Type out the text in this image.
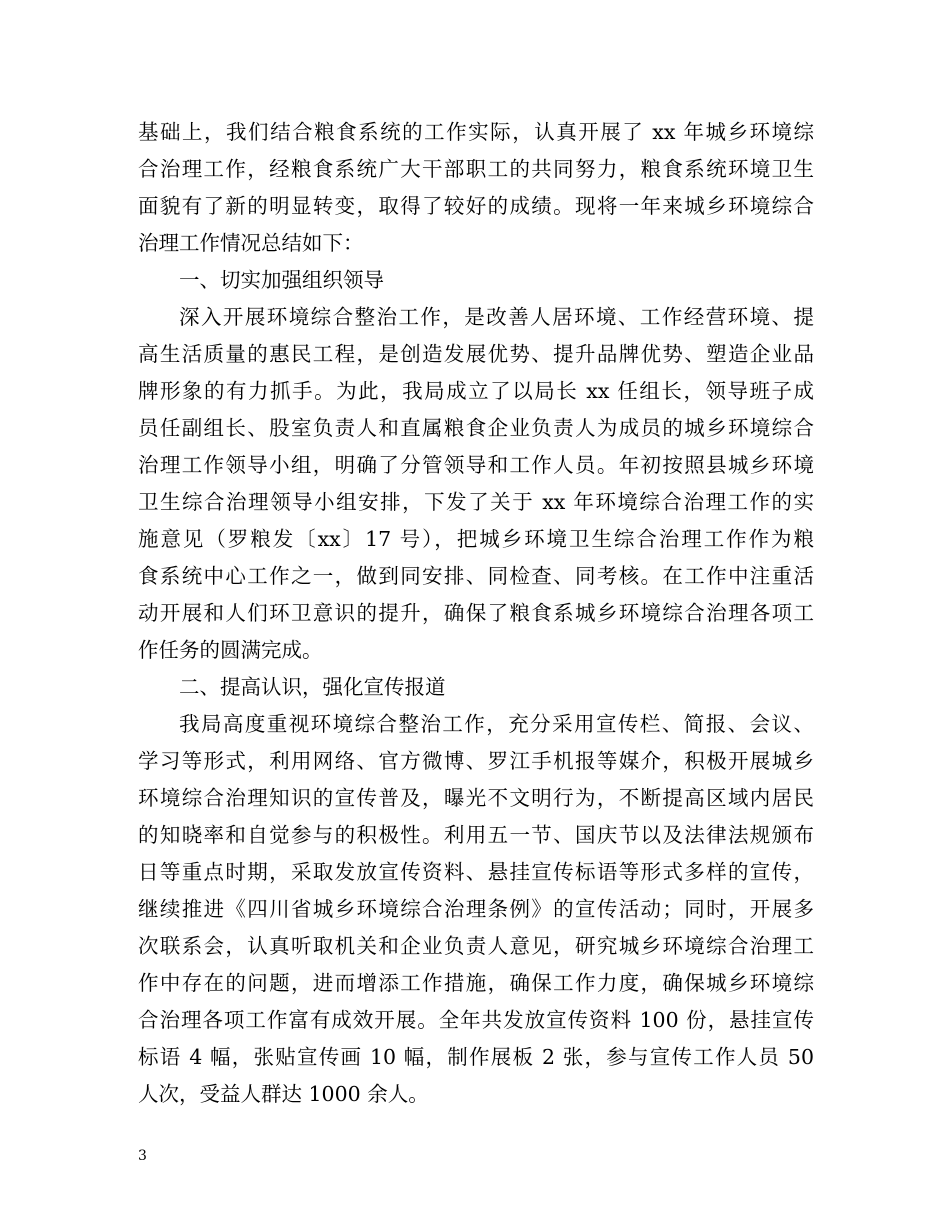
基础上，我们结合粮食系统的工作实际，认真开展了 xx 年城乡环境综
合治理工作，经粮食系统广大干部职工的共同努力，粮食系统环境卫生
面貌有了新的明显转变，取得了较好的成绩。现将一年来城乡环境综合
治理工作情况总结如下：
一、切实加强组织领导
深入开展环境综合整治工作，是改善人居环境、工作经营环境、提
高生活质量的惠民工程，是创造发展优势、提升品牌优势、塑造企业品
牌形象的有力抓手。为此，我局成立了以局长 xx 任组长，领导班子成
员任副组长、股室负责人和直属粮食企业负责人为成员的城乡环境综合
治理工作领导小组，明确了分管领导和工作人员。年初按照县城乡环境
卫生综合治理领导小组安排，下发了关于 xx 年环境综合治理工作的实
施意见（罗粮发〔xx〕17 号），把城乡环境卫生综合治理工作作为粮
食系统中心工作之一，做到同安排、同检查、同考核。在工作中注重活
动开展和人们环卫意识的提升，确保了粮食系城乡环境综合治理各项工
作任务的圆满完成。
二、提高认识，强化宣传报道
我局高度重视环境综合整治工作，充分采用宣传栏、简报、会议、
学习等形式，利用网络、官方微博、罗江手机报等媒介，积极开展城乡
环境综合治理知识的宣传普及，曝光不文明行为，不断提高区域内居民
的知晓率和自觉参与的积极性。利用五一节、国庆节以及法律法规颁布
日等重点时期，采取发放宣传资料、悬挂宣传标语等形式多样的宣传，
继续推进《四川省城乡环境综合治理条例》的宣传活动；同时，开展多
次联系会，认真听取机关和企业负责人意见，研究城乡环境综合治理工
作中存在的问题，进而增添工作措施，确保工作力度，确保城乡环境综
合治理各项工作富有成效开展。全年共发放宣传资料 100 份，悬挂宣传
标语 4 幅，张贴宣传画 10 幅，制作展板 2 张，参与宣传工作人员 50
人次，受益人群达 1000 余人。
3
